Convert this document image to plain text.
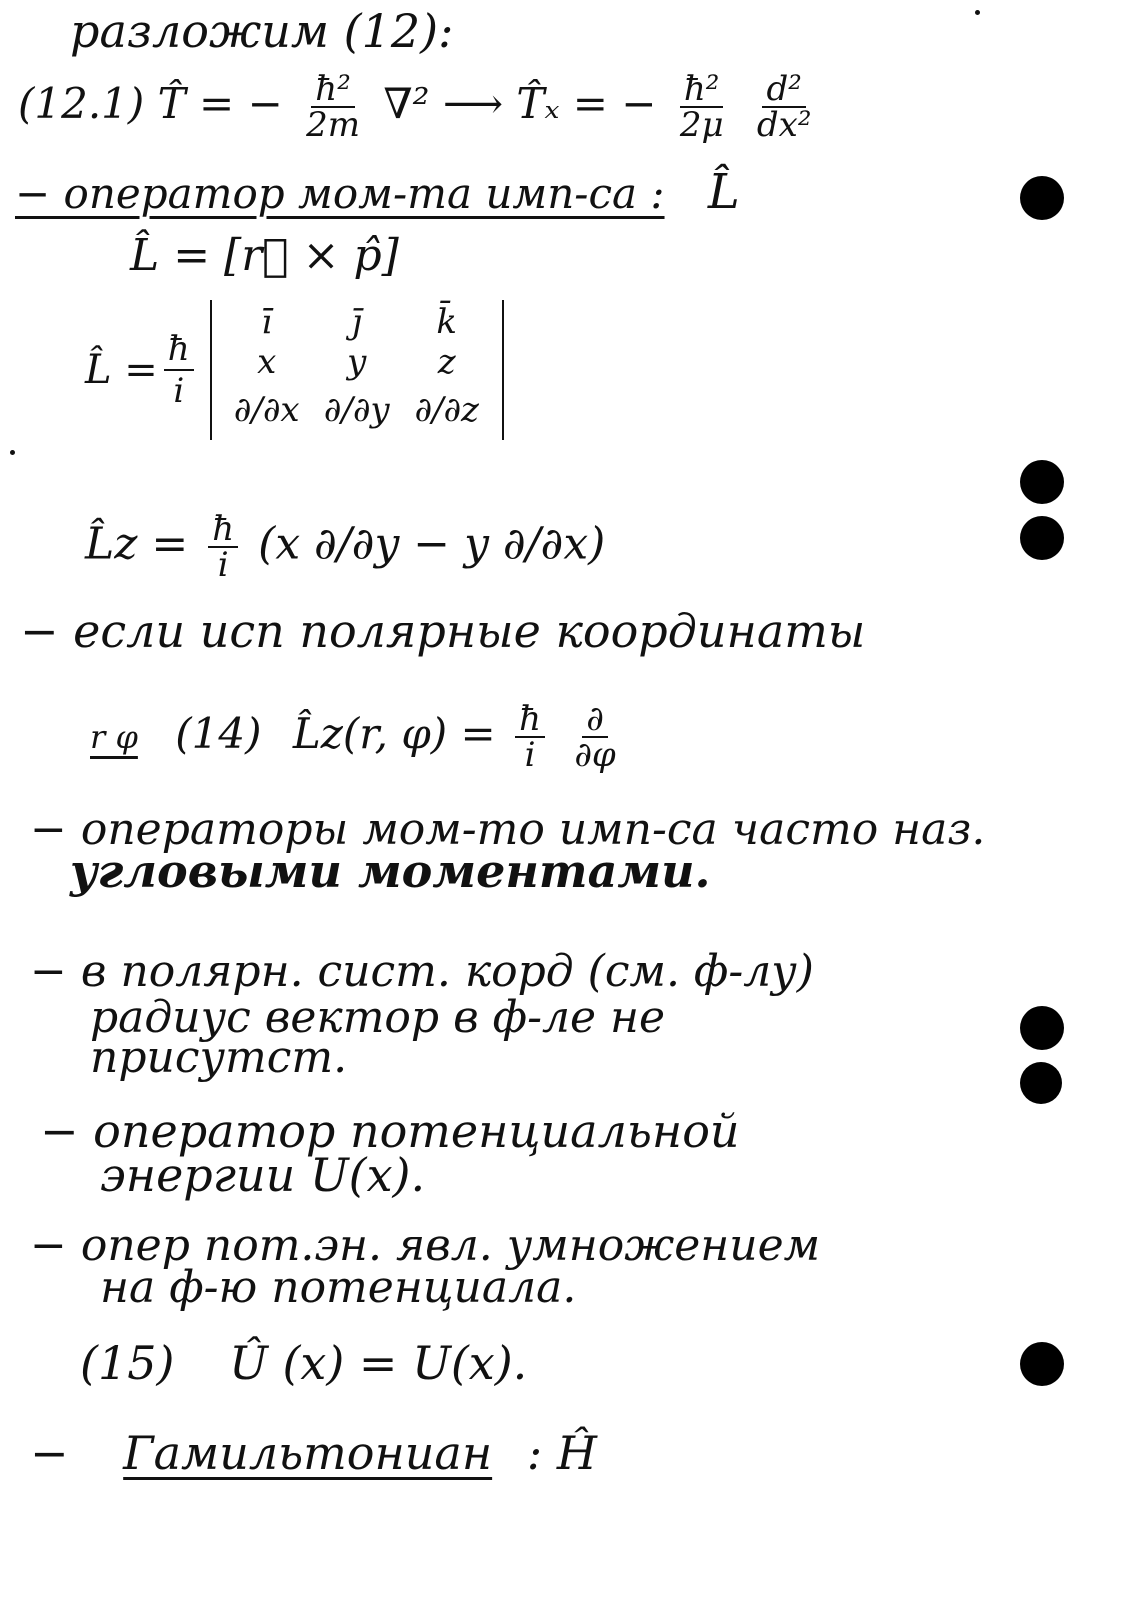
разложим (12):
(12.1) T̂ = − $\frac{\text{ħ²}}{2m} \nabla^2$ ⟶ T̂ₓ = − $\frac{\text{ħ²}}{2\mu}$
$\frac{\text{d²}}{\text{dx²}}$
− оператор мом-та имп-са : L̂
L̂ = [r⃗ × p̂]
L̂ = $\frac{ħ}{i}$
ī	j̄	k̄
x	y	z
∂/∂x ∂/∂y ∂/∂z
L̂z = $\frac{ħ}{i} (x$ ∂/∂y − y ∂/∂x)
− если исп полярные координаты
r φ (14) L̂z(r, $\varphi) = \frac{ħ}{i}$
$\frac{\partial}{\partial\varphi}$
− операторы мом-то имп-са часто наз.
угловыми моментами.
− в полярн. сист. корд (см. ф-лу)
радиус вектор в ф-ле не
присутст.
− оператор потенциальной
энергии U(x).
− опер пот.эн. явл. умножением
на ф-ю потенциала.
(15) Û (x) = U(x).
− Гамильтониан : Ĥ
